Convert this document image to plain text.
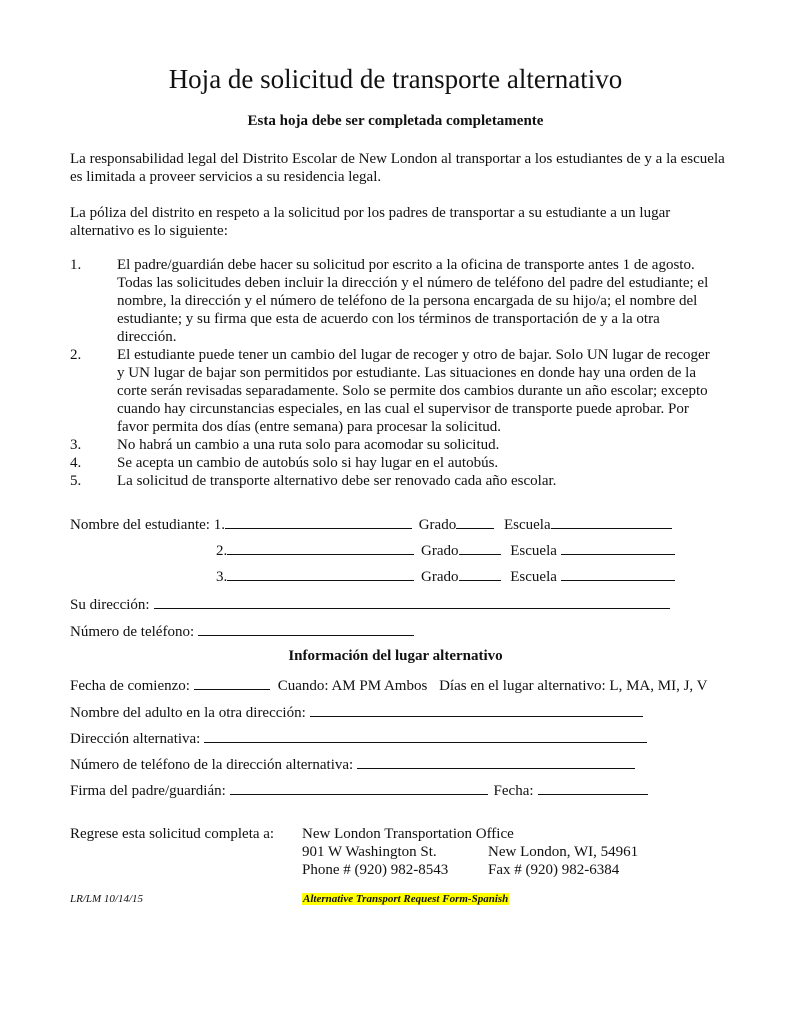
Hoja de solicitud de transporte alternativo
Esta hoja debe ser completada completamente
La responsabilidad legal del Distrito Escolar de New London al transportar a los estudiantes de y a la escuela es limitada a proveer servicios a su residencia legal.
La póliza del distrito en respeto a la solicitud por los padres de transportar a su estudiante a un lugar alternativo es lo siguiente:
1.	El padre/guardián debe hacer su solicitud por escrito a la oficina de transporte antes 1 de agosto. Todas las solicitudes deben incluir la dirección y el número de teléfono del padre del estudiante; el nombre, la dirección y el número de teléfono de la persona encargada de su hijo/a; el nombre del estudiante; y su firma que esta de acuerdo con los términos de transportación de y a la otra dirección.
2.	El estudiante puede tener un cambio del lugar de recoger y otro de bajar. Solo UN lugar de recoger y UN lugar de bajar son permitidos por estudiante. Las situaciones en donde hay una orden de la corte serán revisadas separadamente. Solo se permite dos cambios durante un año escolar; excepto cuando hay circunstancias especiales, en las cual el supervisor de transporte puede aprobar. Por favor permita dos días (entre semana) para procesar la solicitud.
3.	No habrá un cambio a una ruta solo para acomodar su solicitud.
4.	Se acepta un cambio de autobús solo si hay lugar en el autobús.
5.	La solicitud de transporte alternativo debe ser renovado cada año escolar.
Nombre del estudiante: 1.	Grado	Escuela
2.	Grado	Escuela
3.	Grado	Escuela
Su dirección:
Número de teléfono:
Información del lugar alternativo
Fecha de comienzo:	Cuando: AM PM Ambos Días en el lugar alternativo: L, MA, MI, J, V
Nombre del adulto en la otra dirección:
Dirección alternativa:
Número de teléfono de la dirección alternativa:
Firma del padre/guardián:	Fecha:
Regrese esta solicitud completa a: New London Transportation Office
901 W Washington St.	New London, WI, 54961
Phone # (920) 982-8543	Fax # (920) 982-6384
LR/LM 10/14/15	Alternative Transport Request Form-Spanish
